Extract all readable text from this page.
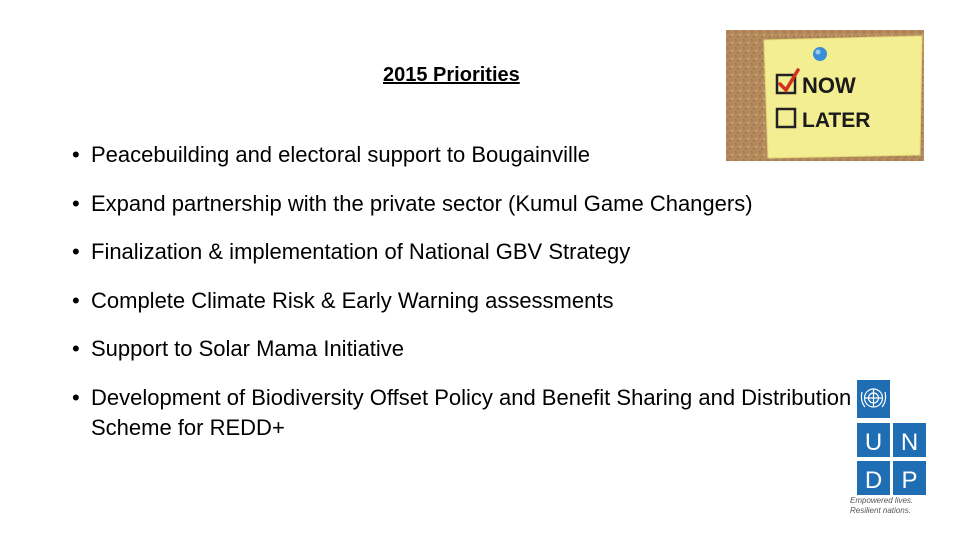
2015 Priorities
• Peacebuilding and electoral support to Bougainville
• Expand partnership with the private sector (Kumul Game Changers)
• Finalization & implementation of National GBV Strategy
• Complete Climate Risk & Early Warning assessments
• Support to Solar Mama Initiative
• Development of Biodiversity Offset Policy and Benefit Sharing and Distribution Scheme for REDD+
NOW
LATER
U N
D P
Empowered lives.
Resilient nations.
